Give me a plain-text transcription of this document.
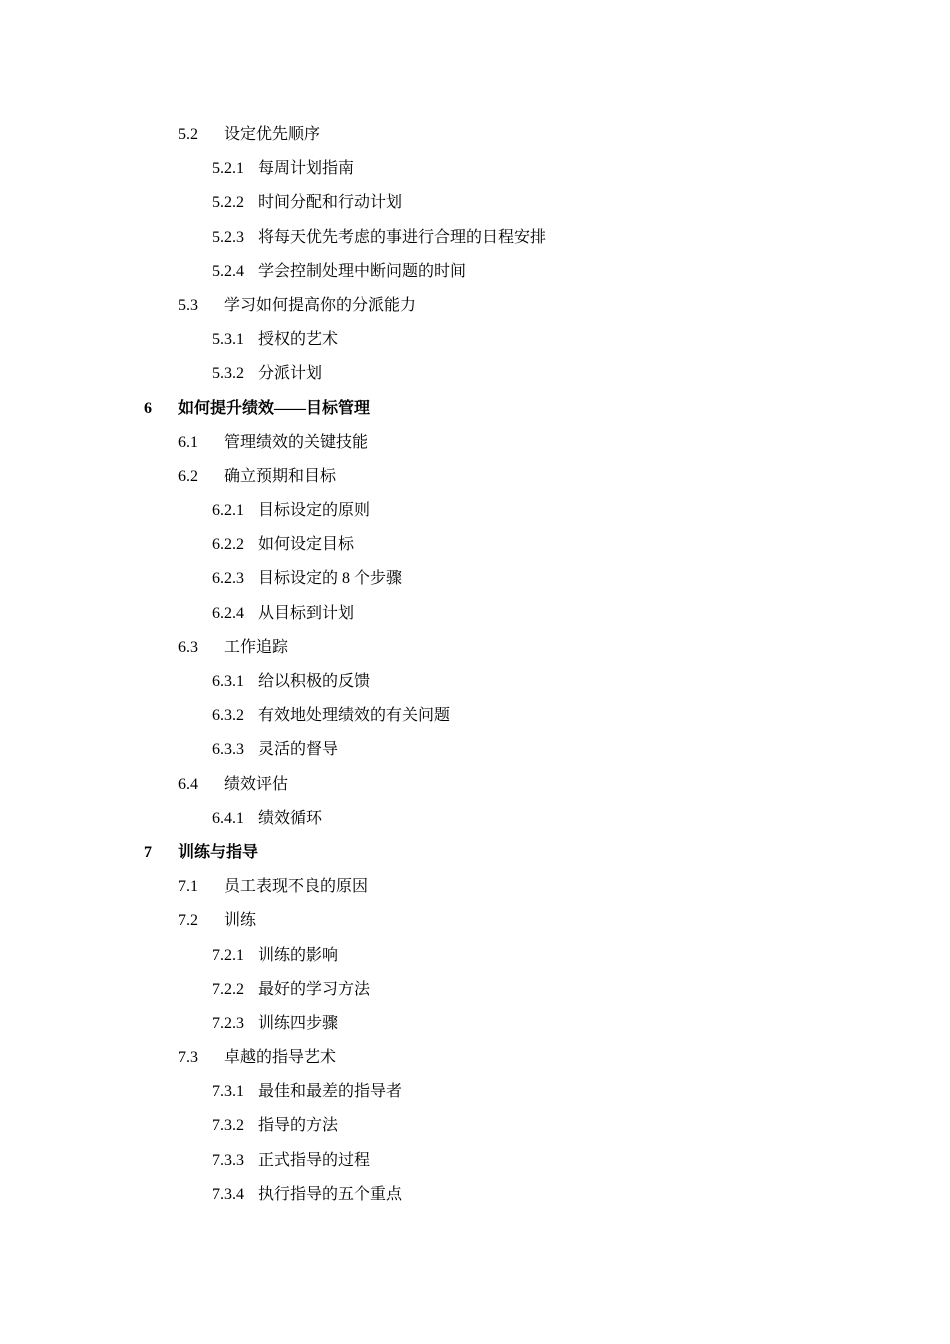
5.2 设定优先顺序
5.2.1 每周计划指南
5.2.2 时间分配和行动计划
5.2.3 将每天优先考虑的事进行合理的日程安排
5.2.4 学会控制处理中断问题的时间
5.3 学习如何提高你的分派能力
5.3.1 授权的艺术
5.3.2 分派计划
6 如何提升绩效——目标管理
6.1 管理绩效的关键技能
6.2 确立预期和目标
6.2.1 目标设定的原则
6.2.2 如何设定目标
6.2.3 目标设定的 8 个步骤
6.2.4 从目标到计划
6.3 工作追踪
6.3.1 给以积极的反馈
6.3.2 有效地处理绩效的有关问题
6.3.3 灵活的督导
6.4 绩效评估
6.4.1 绩效循环
7 训练与指导
7.1 员工表现不良的原因
7.2 训练
7.2.1 训练的影响
7.2.2 最好的学习方法
7.2.3 训练四步骤
7.3 卓越的指导艺术
7.3.1 最佳和最差的指导者
7.3.2 指导的方法
7.3.3 正式指导的过程
7.3.4 执行指导的五个重点
